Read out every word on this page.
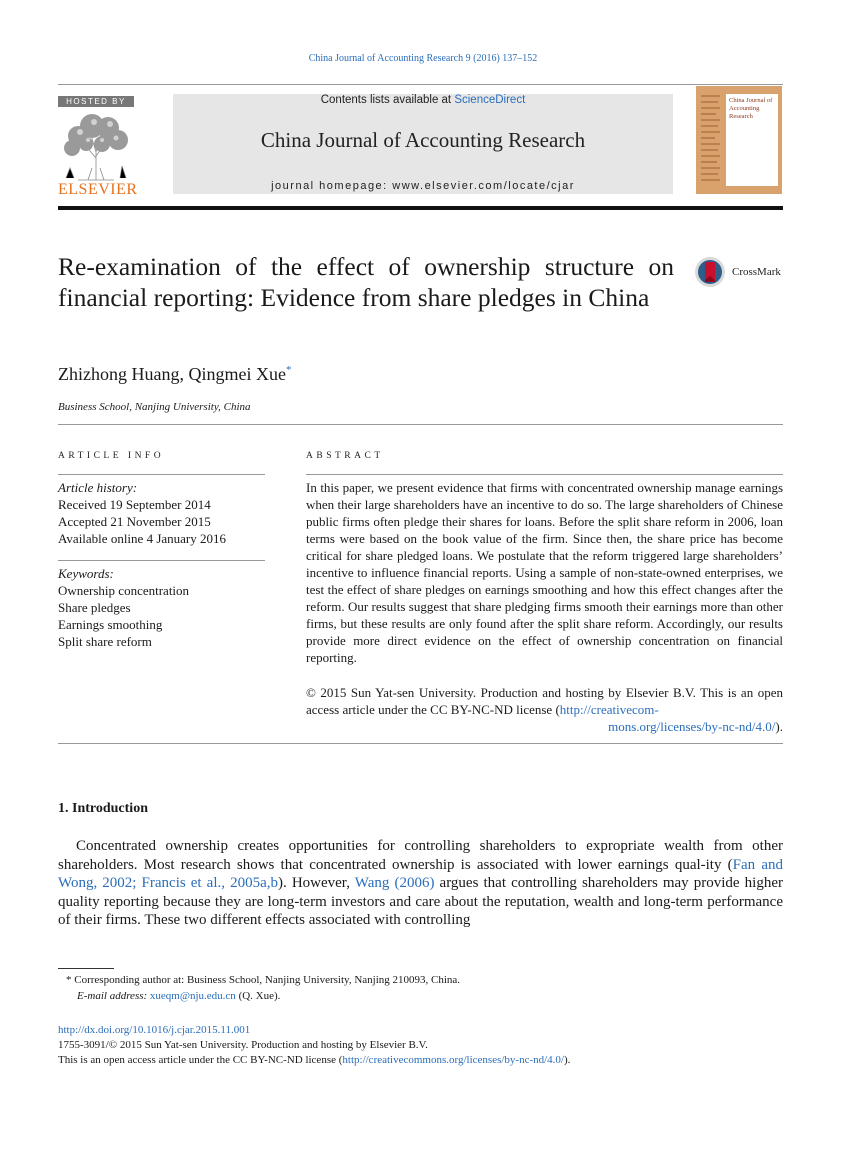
China Journal of Accounting Research 9 (2016) 137–152
HOSTED BY
ELSEVIER
Contents lists available at ScienceDirect
China Journal of Accounting Research
journal homepage: www.elsevier.com/locate/cjar
China Journal of Accounting Research
Re-examination of the effect of ownership structure on financial reporting: Evidence from share pledges in China
CrossMark
Zhizhong Huang, Qingmei Xue*
Business School, Nanjing University, China
ARTICLE INFO
Article history:
Received 19 September 2014
Accepted 21 November 2015
Available online 4 January 2016
Keywords:
Ownership concentration
Share pledges
Earnings smoothing
Split share reform
ABSTRACT
In this paper, we present evidence that firms with concentrated ownership manage earnings when their large shareholders have an incentive to do so. The large shareholders of Chinese public firms often pledge their shares for loans. Before the split share reform in 2006, loan terms were based on the book value of the firm. Since then, the share price has become critical for share pledged loans. We postulate that the reform triggered large shareholders’ incentive to influence financial reports. Using a sample of non-state-owned enterprises, we test the effect of share pledges on earnings smoothing and how this effect changes after the reform. Our results suggest that share pledging firms smooth their earnings more than other firms, but these results are only found after the split share reform. Accordingly, our results provide more direct evidence on the effect of ownership concentration on financial reporting.
© 2015 Sun Yat-sen University. Production and hosting by Elsevier B.V. This is an open access article under the CC BY-NC-ND license (http://creativecom-
mons.org/licenses/by-nc-nd/4.0/).
1. Introduction
Concentrated ownership creates opportunities for controlling shareholders to expropriate wealth from other shareholders. Most research shows that concentrated ownership is associated with lower earnings qual-ity (Fan and Wong, 2002; Francis et al., 2005a,b). However, Wang (2006) argues that controlling shareholders may provide higher quality reporting because they are long-term investors and care about the reputation, wealth and long-term performance of their firms. These two different effects associated with controlling
* Corresponding author at: Business School, Nanjing University, Nanjing 210093, China.
E-mail address: xueqm@nju.edu.cn (Q. Xue).
http://dx.doi.org/10.1016/j.cjar.2015.11.001
1755-3091/© 2015 Sun Yat-sen University. Production and hosting by Elsevier B.V.
This is an open access article under the CC BY-NC-ND license (http://creativecommons.org/licenses/by-nc-nd/4.0/).
